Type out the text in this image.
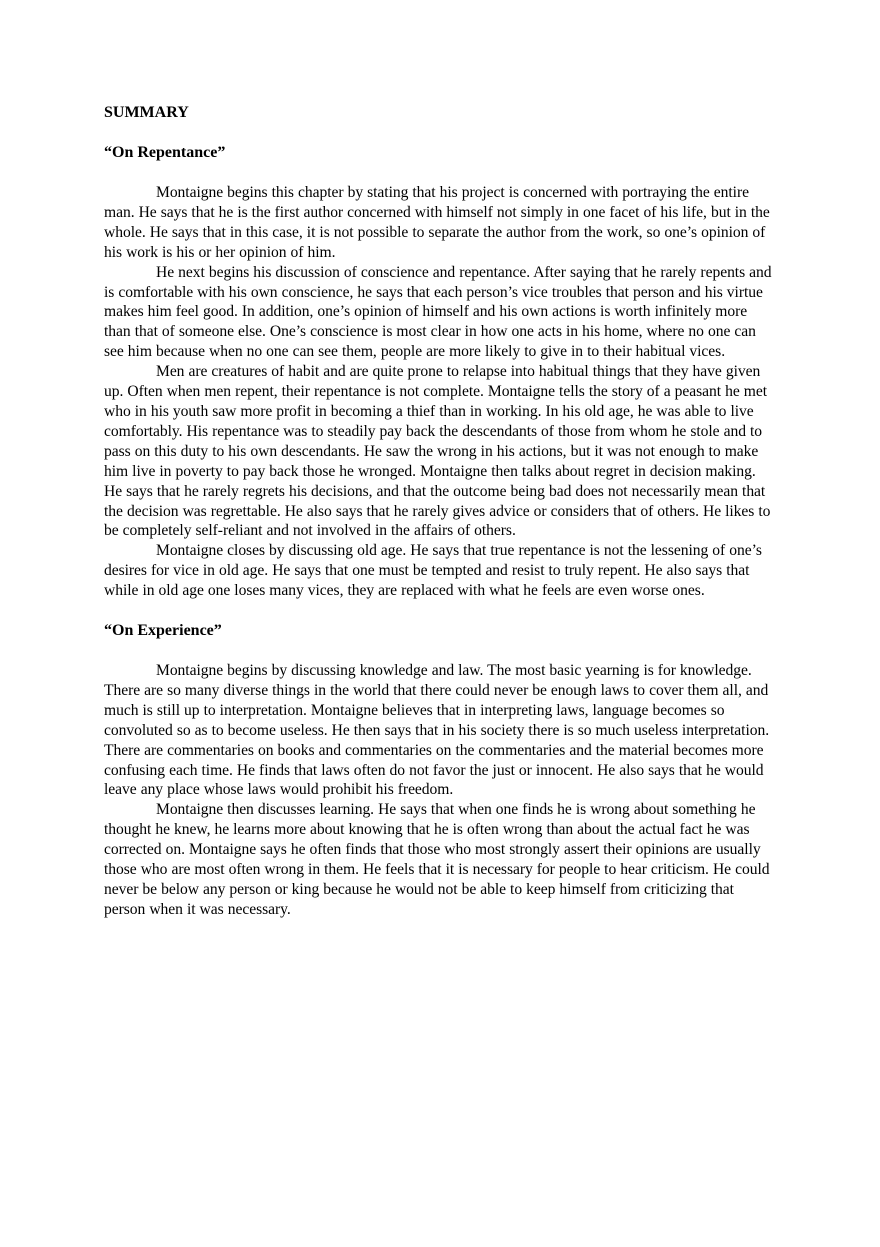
SUMMARY

“On Repentance”

Montaigne begins this chapter by stating that his project is concerned with portraying the entire man. He says that he is the first author concerned with himself not simply in one facet of his life, but in the whole. He says that in this case, it is not possible to separate the author from the work, so one’s opinion of his work is his or her opinion of him.

He next begins his discussion of conscience and repentance. After saying that he rarely repents and is comfortable with his own conscience, he says that each person’s vice troubles that person and his virtue makes him feel good. In addition, one’s opinion of himself and his own actions is worth infinitely more than that of someone else. One’s conscience is most clear in how one acts in his home, where no one can see him because when no one can see them, people are more likely to give in to their habitual vices.

Men are creatures of habit and are quite prone to relapse into habitual things that they have given up. Often when men repent, their repentance is not complete. Montaigne tells the story of a peasant he met who in his youth saw more profit in becoming a thief than in working. In his old age, he was able to live comfortably. His repentance was to steadily pay back the descendants of those from whom he stole and to pass on this duty to his own descendants. He saw the wrong in his actions, but it was not enough to make him live in poverty to pay back those he wronged. Montaigne then talks about regret in decision making. He says that he rarely regrets his decisions, and that the outcome being bad does not necessarily mean that the decision was regrettable. He also says that he rarely gives advice or considers that of others. He likes to be completely self-reliant and not involved in the affairs of others.

Montaigne closes by discussing old age. He says that true repentance is not the lessening of one’s desires for vice in old age. He says that one must be tempted and resist to truly repent. He also says that while in old age one loses many vices, they are replaced with what he feels are even worse ones.

“On Experience”

Montaigne begins by discussing knowledge and law. The most basic yearning is for knowledge. There are so many diverse things in the world that there could never be enough laws to cover them all, and much is still up to interpretation. Montaigne believes that in interpreting laws, language becomes so convoluted so as to become useless. He then says that in his society there is so much useless interpretation. There are commentaries on books and commentaries on the commentaries and the material becomes more confusing each time. He finds that laws often do not favor the just or innocent. He also says that he would leave any place whose laws would prohibit his freedom.

Montaigne then discusses learning. He says that when one finds he is wrong about something he thought he knew, he learns more about knowing that he is often wrong than about the actual fact he was corrected on. Montaigne says he often finds that those who most strongly assert their opinions are usually those who are most often wrong in them. He feels that it is necessary for people to hear criticism. He could never be below any person or king because he would not be able to keep himself from criticizing that person when it was necessary.
